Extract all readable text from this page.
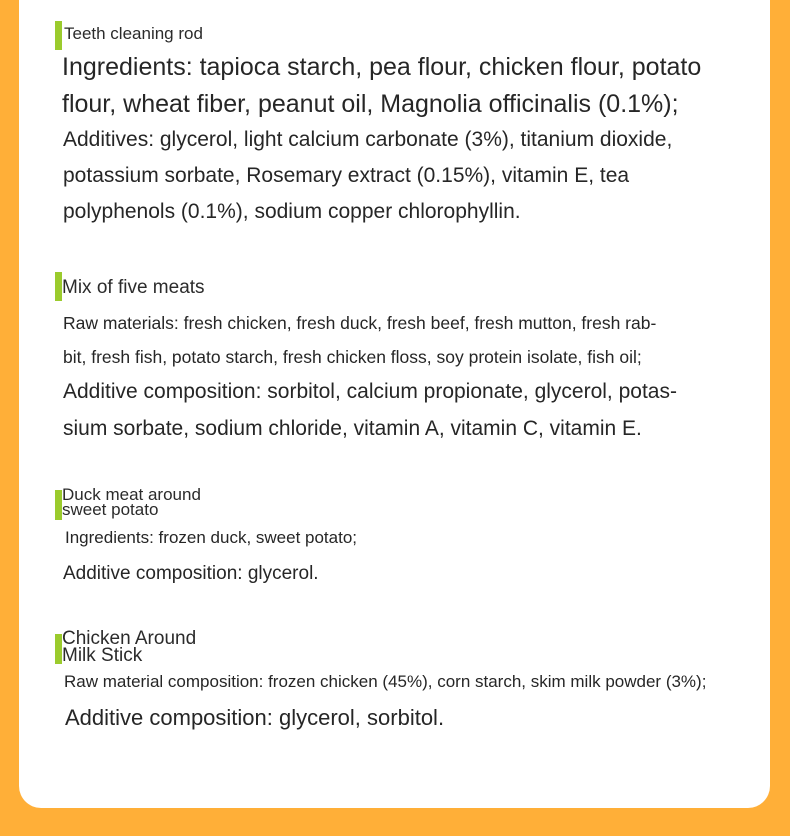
Teeth cleaning rod
Ingredients: tapioca starch, pea flour, chicken flour, potato
flour, wheat fiber, peanut oil, Magnolia officinalis (0.1%);
Additives: glycerol, light calcium carbonate (3%), titanium dioxide,
potassium sorbate, Rosemary extract (0.15%), vitamin E, tea
polyphenols (0.1%), sodium copper chlorophyllin.
Mix of five meats
Raw materials: fresh chicken, fresh duck, fresh beef, fresh mutton, fresh rab-
bit, fresh fish, potato starch, fresh chicken floss, soy protein isolate, fish oil;
Additive composition: sorbitol, calcium propionate, glycerol, potas-
sium sorbate, sodium chloride, vitamin A, vitamin C, vitamin E.
Duck meat around
sweet potato
Ingredients: frozen duck, sweet potato;
Additive composition: glycerol.
Chicken Around
Milk Stick
Raw material composition: frozen chicken (45%), corn starch, skim milk powder (3%);
Additive composition: glycerol, sorbitol.
